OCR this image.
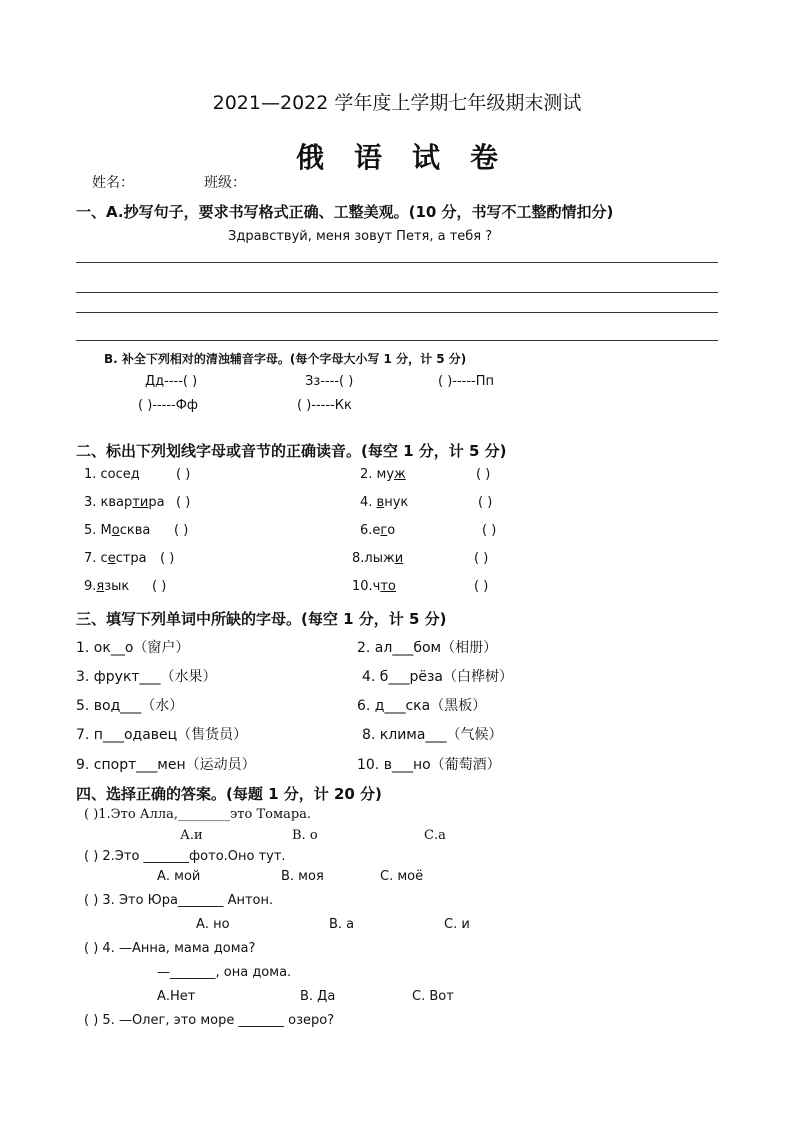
2021—2022 学年度上学期七年级期末测试
俄语试卷
姓名：	班级：
一、A.抄写句子，要求书写格式正确、工整美观。(10 分，书写不工整酌情扣分)
Здравствуй, меня зовут Петя, а тебя ?
B. 补全下列相对的清浊辅音字母。(每个字母大小写 1 分，计 5 分)
Дд----( )	Зз----( )	( )-----Пп
( )-----Фф	( )-----Кк
二、标出下列划线字母或音节的正确读音。(每空 1 分，计 5 分)
1. сосед	( )	2. муж	( )
3. квартира ( )	4. внук	( )
5. Москва ( )	6.его	( )
7. сестра ( )	8.лыжи	( )
9.язык ( )	10.что	( )
三、填写下列单词中所缺的字母。(每空 1 分，计 5 分)
1. ок__о（窗户）	2. ал___бом（相册）
3. фрукт___（水果）	4. б___рёза（白桦树）
5. вод___（水）	6. д___ска（黑板）
7. п___одавец（售货员）	8. клима___（气候）
9. спорт___мен（运动员）	10. в___но（葡萄酒）
四、选择正确的答案。(每题 1 分，计 20 分)
( )1.Это Алла,________это Томара.
А.и	В. о	С.а
( ) 2.Это _______фото.Оно тут.
А. мой	В. моя	С. моё
( ) 3. Это Юра_______ Антон.
А. но	В. а	С. и
( ) 4. —Анна, мама дома?
—_______, она дома.
А.Нет	В. Да	С. Вот
( ) 5. —Олег, это море _______ озеро?
